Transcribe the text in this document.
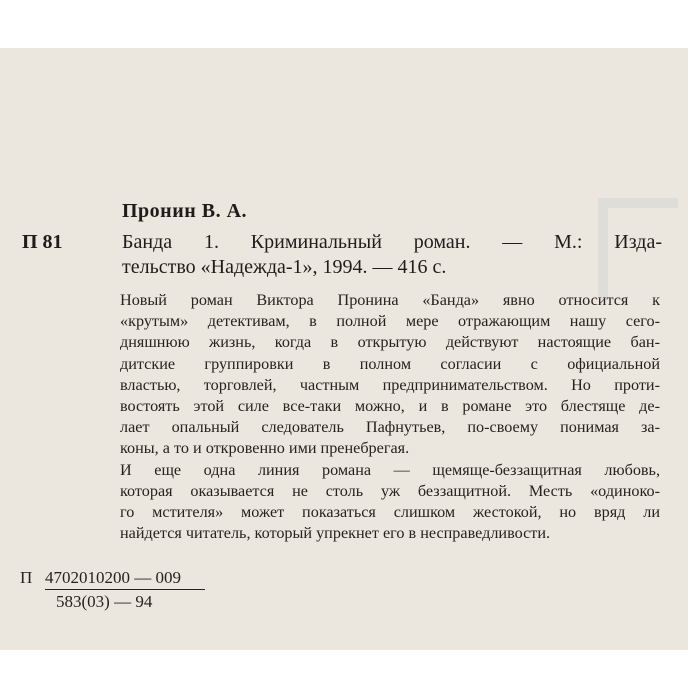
Пронин В. А.
П 81	Банда 1. Криминальный роман. — М.: Изда-
тельство «Надежда-1», 1994. — 416 с.
Новый роман Виктора Пронина «Банда» явно относится к
«крутым» детективам, в полной мере отражающим нашу сего-
дняшнюю жизнь, когда в открытую действуют настоящие бан-
дитские группировки в полном согласии с официальной
властью, торговлей, частным предпринимательством. Но проти-
востоять этой силе все-таки можно, и в романе это блестяще де-
лает опальный следователь Пафнутьев, по-своему понимая за-
коны, а то и откровенно ими пренебрегая.
И еще одна линия романа — щемяще-беззащитная любовь,
которая оказывается не столь уж беззащитной. Месть «одиноко-
го мстителя» может показаться слишком жестокой, но вряд ли
найдется читатель, который упрекнет его в несправедливости.
П 4702010200 — 009
583(03) — 94
